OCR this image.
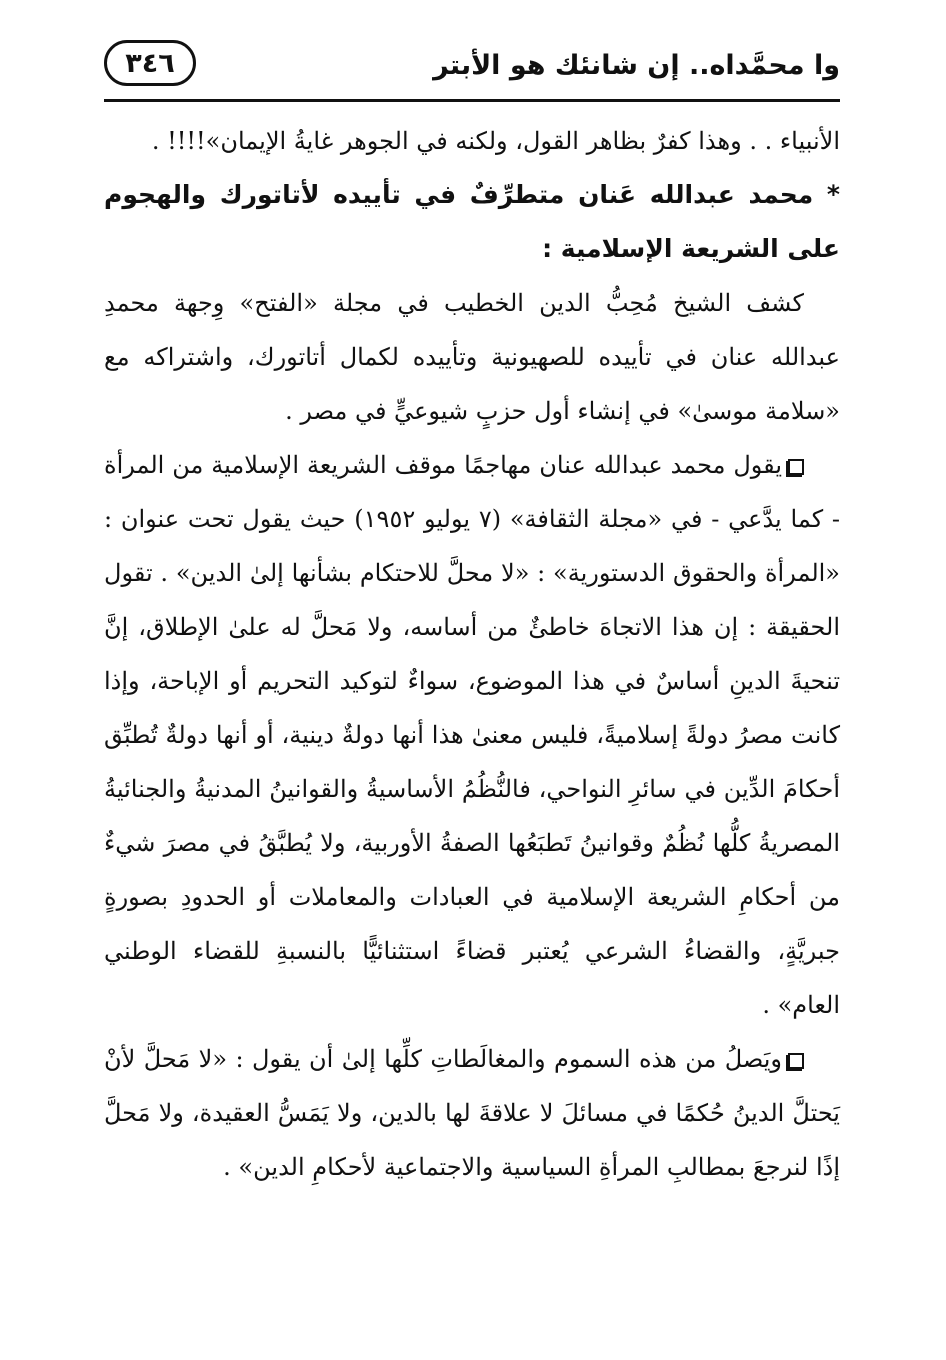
وا محمَّداه.. إن شانئك هو الأبتر
٣٤٦

الأنبياء . . وهذا كفرٌ بظاهر القول، ولكنه في الجوهر غايةُ الإيمان»!!!! .

* محمد عبدالله عَنان متطرِّفٌ في تأييده لأتاتورك والهجوم على الشريعة الإسلامية :

كشف الشيخ مُحِبُّ الدين الخطيب في مجلة «الفتح» وِجهة محمدِ عبدالله عنان في تأييده للصهيونية وتأييده لكمال أتاتورك، واشتراكه مع «سلامة موسىٰ» في إنشاء أول حزبٍ شيوعيٍّ في مصر .

يقول محمد عبدالله عنان مهاجمًا موقف الشريعة الإسلامية من المرأة - كما يدَّعي - في «مجلة الثقافة» (٧ يوليو ١٩٥٢) حيث يقول تحت عنوان : «المرأة والحقوق الدستورية» : «لا محلَّ للاحتكام بشأنها إلىٰ الدين» . تقول الحقيقة : إن هذا الاتجاهَ خاطئٌ من أساسه، ولا مَحلَّ له علىٰ الإطلاق، إنَّ تنحيةَ الدينِ أساسٌ في هذا الموضوع، سواءٌ لتوكيد التحريم أو الإباحة، وإذا كانت مصرُ دولةً إسلاميةً، فليس معنىٰ هذا أنها دولةٌ دينية، أو أنها دولةٌ تُطبِّق أحكامَ الدِّين في سائرِ النواحي، فالنُّظُمُ الأساسيةُ والقوانينُ المدنيةُ والجنائيةُ المصريةُ كلُّها نُظُمٌ وقوانينُ تَطبَعُها الصفةُ الأوربية، ولا يُطبَّقُ في مصرَ شيءٌ من أحكامِ الشريعة الإسلامية في العبادات والمعاملات أو الحدودِ بصورةٍ جبريَّةٍ، والقضاءُ الشرعي يُعتبر قضاءً استثنائيًّا بالنسبةِ للقضاء الوطني العام» .

ويَصلُ من هذه السموم والمغالَطاتِ كلِّها إلىٰ أن يقول : «لا مَحلَّ لأنْ يَحتلَّ الدينُ حُكمًا في مسائلَ لا علاقةَ لها بالدين، ولا يَمَسُّ العقيدة، ولا مَحلَّ إذًا لنرجعَ بمطالبِ المرأةِ السياسية والاجتماعية لأحكامِ الدين» .
